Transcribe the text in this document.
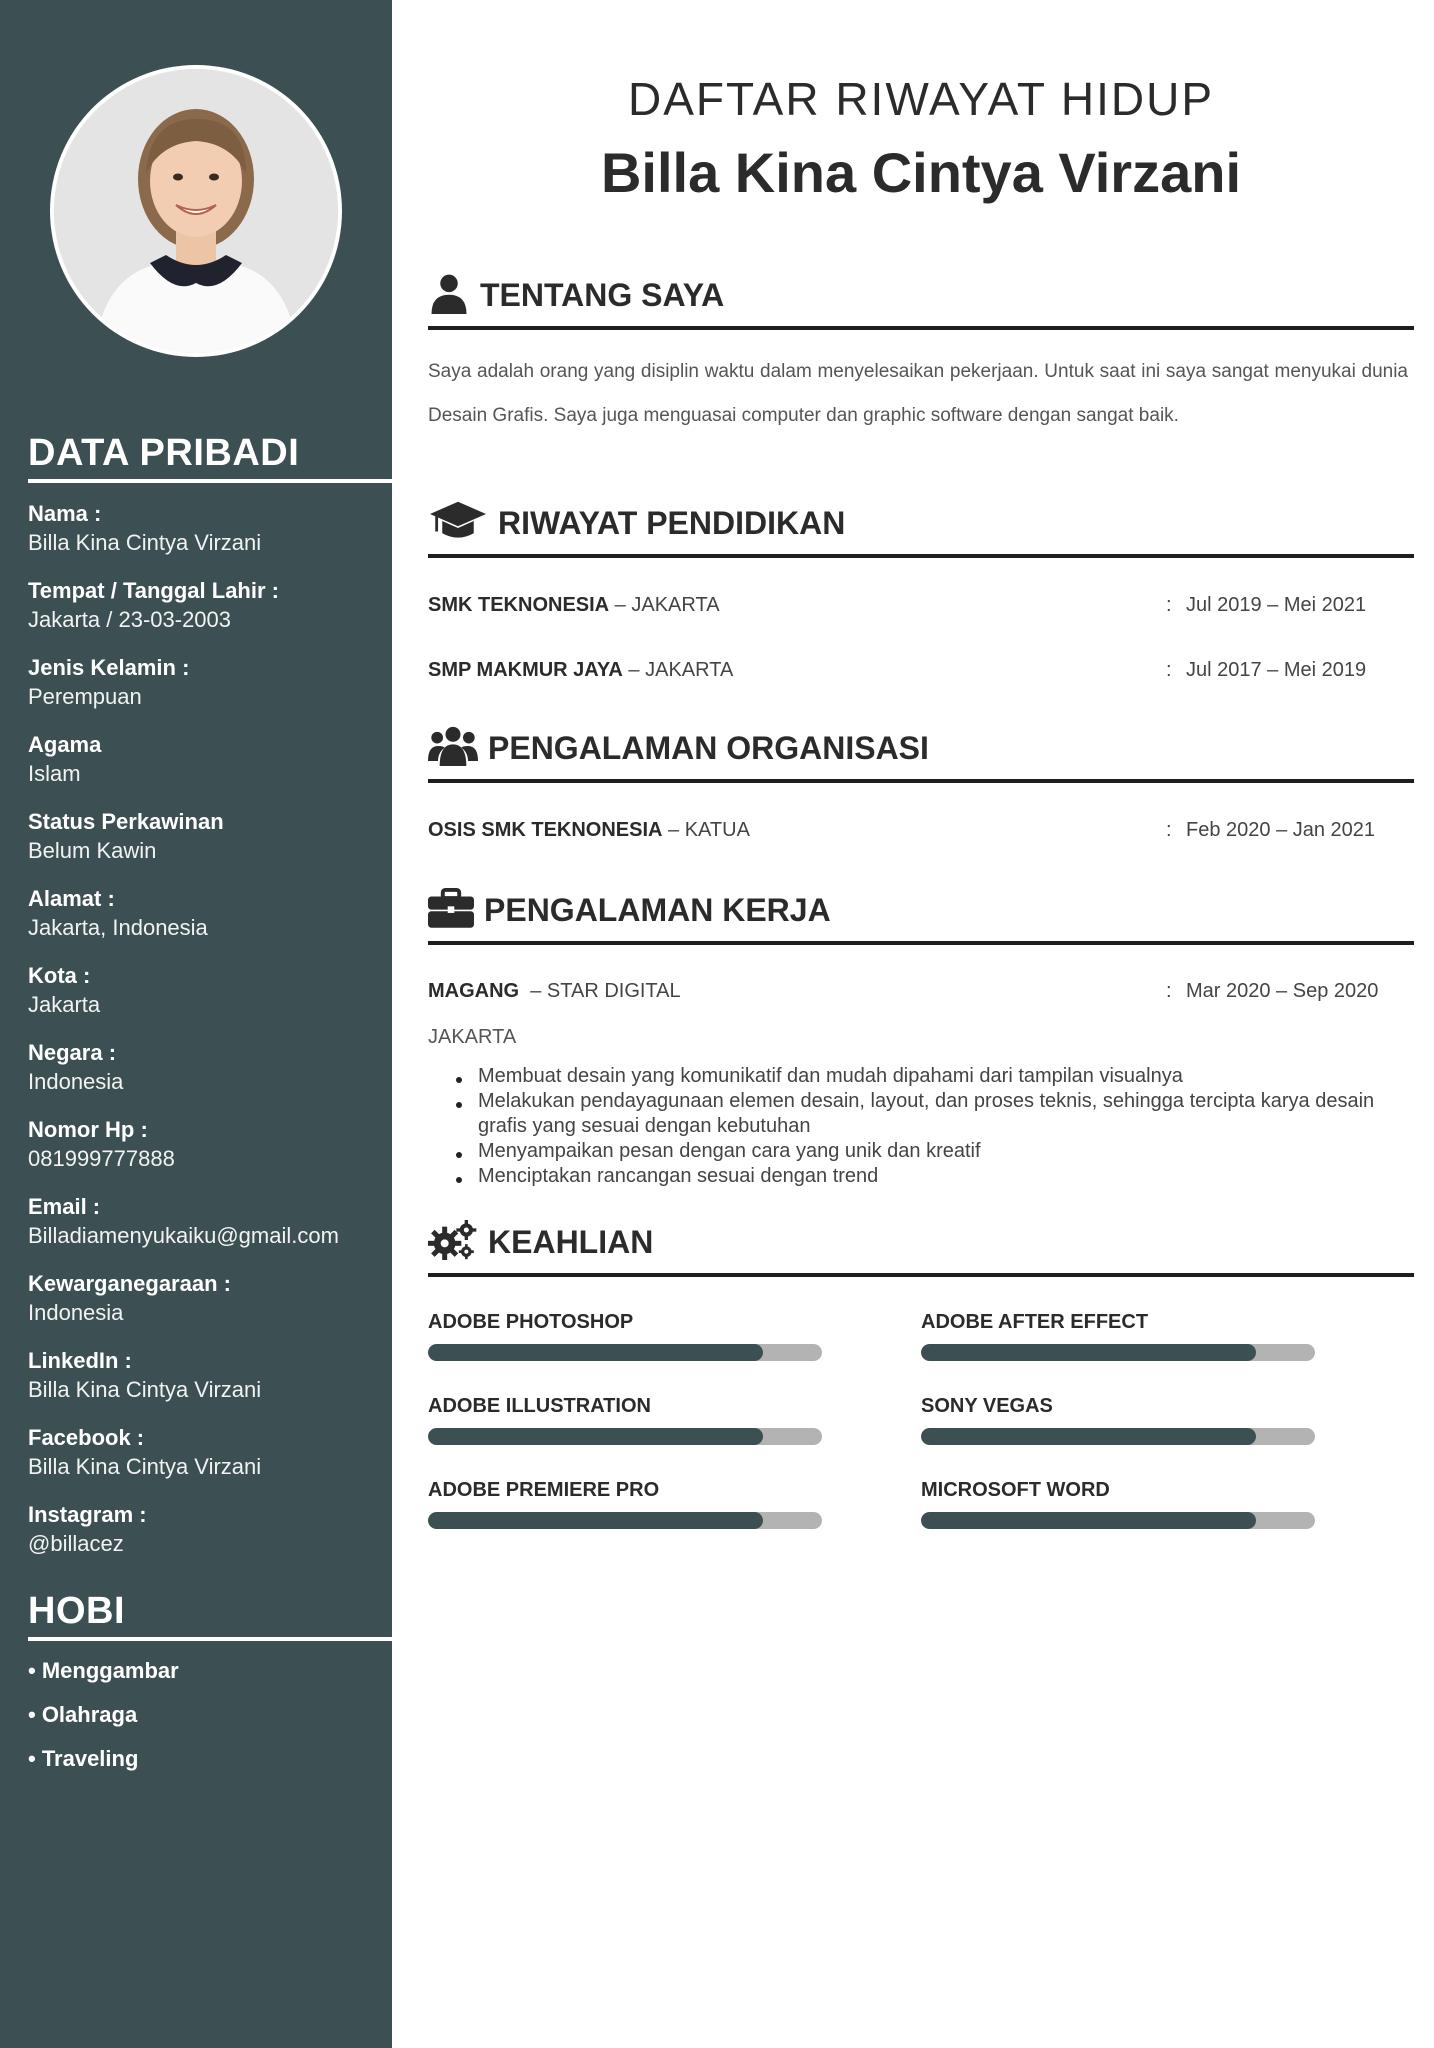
DATA PRIBADI
Nama :
Billa Kina Cintya Virzani
Tempat / Tanggal Lahir :
Jakarta / 23-03-2003
Jenis Kelamin :
Perempuan
Agama
Islam
Status Perkawinan
Belum Kawin
Alamat :
Jakarta, Indonesia
Kota :
Jakarta
Negara :
Indonesia
Nomor Hp :
081999777888
Email :
Billadiamenyukaiku@gmail.com
Kewarganegaraan :
Indonesia
LinkedIn :
Billa Kina Cintya Virzani
Facebook :
Billa Kina Cintya Virzani
Instagram :
@billacez
HOBI
• Menggambar
• Olahraga
• Traveling
DAFTAR RIWAYAT HIDUP
Billa Kina Cintya Virzani
TENTANG SAYA

Saya adalah orang yang disiplin waktu dalam menyelesaikan pekerjaan. Untuk saat ini saya sangat menyukai dunia Desain Grafis. Saya juga menguasai computer dan graphic software dengan sangat baik.

RIWAYAT PENDIDIKAN
SMK TEKNONESIA – JAKARTA	: Jul 2019 – Mei 2021
SMP MAKMUR JAYA – JAKARTA	: Jul 2017 – Mei 2019
PENGALAMAN ORGANISASI
OSIS SMK TEKNONESIA – KATUA	: Feb 2020 – Jan 2021
PENGALAMAN KERJA
MAGANG  – STAR DIGITAL	: Mar 2020 – Sep 2020
JAKARTA
Membuat desain yang komunikatif dan mudah dipahami dari tampilan visualnya
Melakukan pendayagunaan elemen desain, layout, dan proses teknis, sehingga tercipta karya desain grafis yang sesuai dengan kebutuhan
Menyampaikan pesan dengan cara yang unik dan kreatif
Menciptakan rancangan sesuai dengan trend
KEAHLIAN
ADOBE PHOTOSHOP	ADOBE AFTER EFFECT
ADOBE ILLUSTRATION	SONY VEGAS
ADOBE PREMIERE PRO	MICROSOFT WORD
